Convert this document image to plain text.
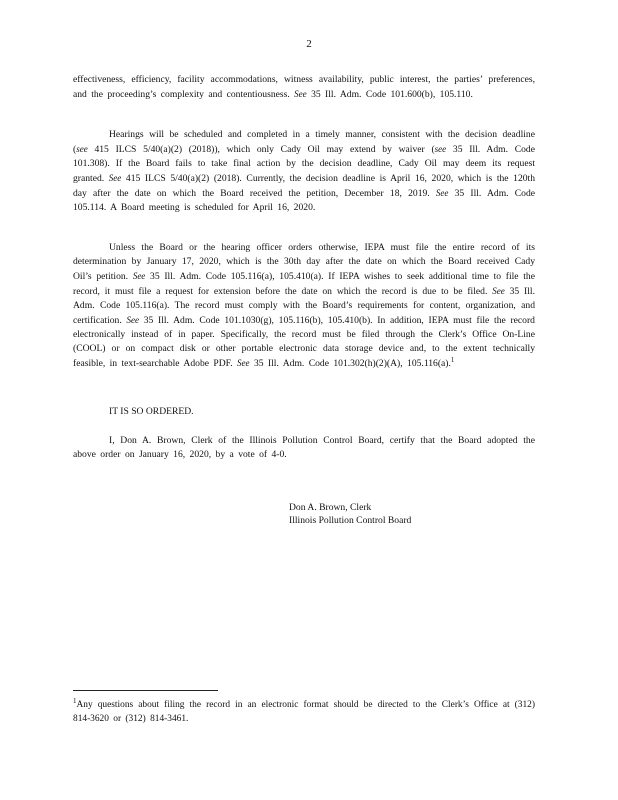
2

effectiveness, efficiency, facility accommodations, witness availability, public interest, the parties’ preferences, and the proceeding’s complexity and contentiousness. See 35 Ill. Adm. Code 101.600(b), 105.110.

Hearings will be scheduled and completed in a timely manner, consistent with the decision deadline (see 415 ILCS 5/40(a)(2) (2018)), which only Cady Oil may extend by waiver (see 35 Ill. Adm. Code 101.308). If the Board fails to take final action by the decision deadline, Cady Oil may deem its request granted. See 415 ILCS 5/40(a)(2) (2018). Currently, the decision deadline is April 16, 2020, which is the 120th day after the date on which the Board received the petition, December 18, 2019. See 35 Ill. Adm. Code 105.114. A Board meeting is scheduled for April 16, 2020.

Unless the Board or the hearing officer orders otherwise, IEPA must file the entire record of its determination by January 17, 2020, which is the 30th day after the date on which the Board received Cady Oil’s petition. See 35 Ill. Adm. Code 105.116(a), 105.410(a). If IEPA wishes to seek additional time to file the record, it must file a request for extension before the date on which the record is due to be filed. See 35 Ill. Adm. Code 105.116(a). The record must comply with the Board’s requirements for content, organization, and certification. See 35 Ill. Adm. Code 101.1030(g), 105.116(b), 105.410(b). In addition, IEPA must file the record electronically instead of in paper. Specifically, the record must be filed through the Clerk’s Office On-Line (COOL) or on compact disk or other portable electronic data storage device and, to the extent technically feasible, in text-searchable Adobe PDF. See 35 Ill. Adm. Code 101.302(h)(2)(A), 105.116(a).$^1$

IT IS SO ORDERED.

I, Don A. Brown, Clerk of the Illinois Pollution Control Board, certify that the Board adopted the above order on January 16, 2020, by a vote of 4-0.

Don A. Brown, Clerk
Illinois Pollution Control Board

$^1$Any questions about filing the record in an electronic format should be directed to the Clerk’s Office at (312) 814-3620 or (312) 814-3461.
